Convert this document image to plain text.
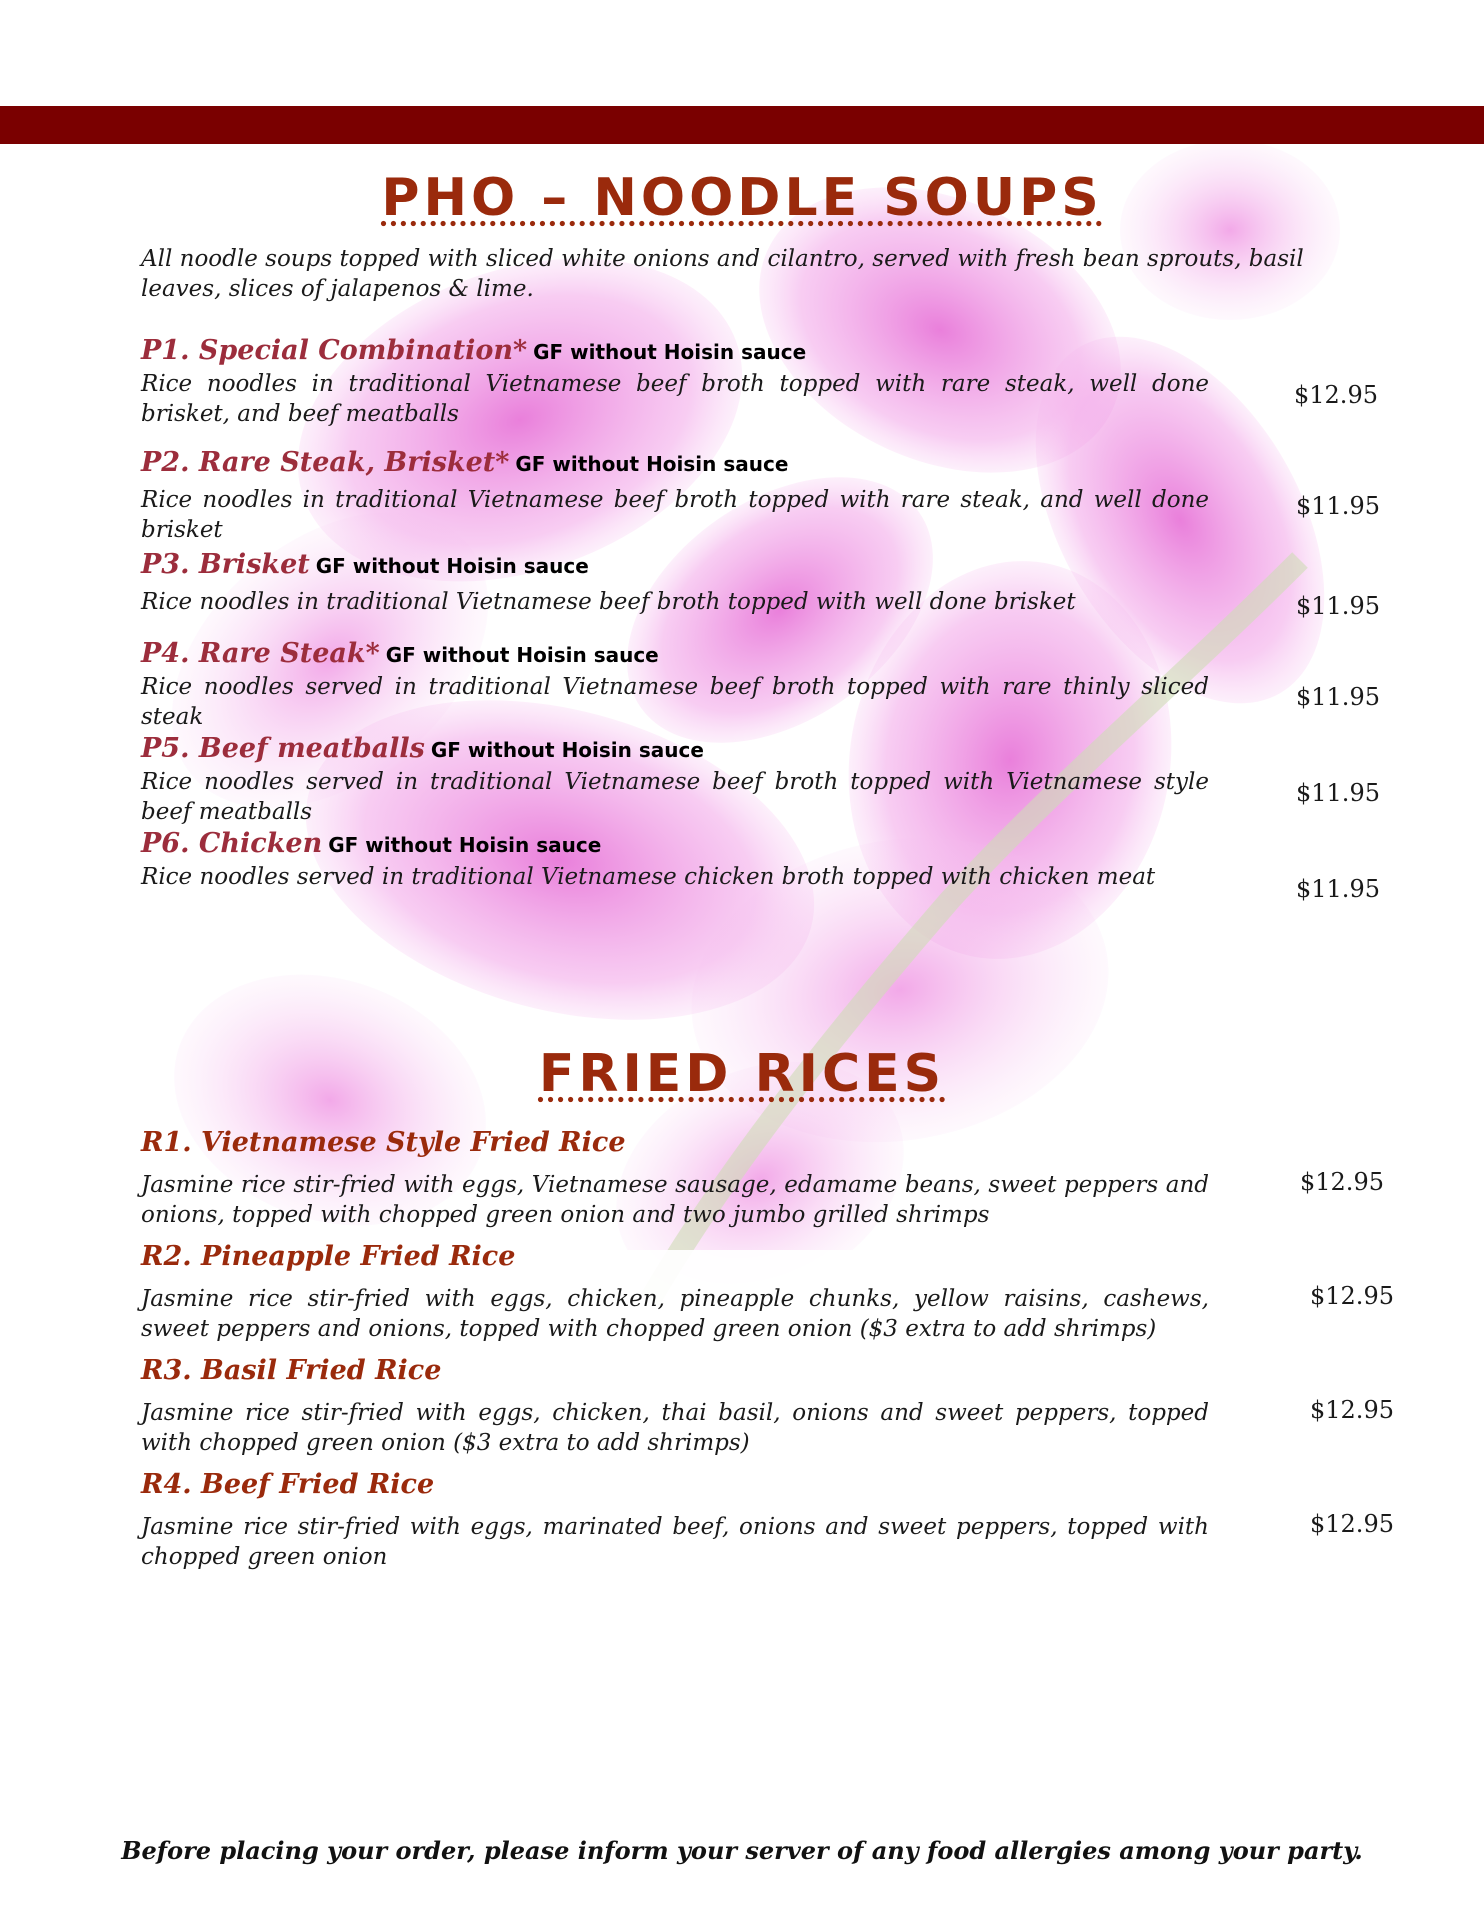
PHO – NOODLE SOUPS
All noodle soups topped with sliced white onions and cilantro, served with fresh bean sprouts, basil leaves, slices of jalapenos & lime.
P1. Special Combination* GF without Hoisin sauce
Rice noodles in traditional Vietnamese beef broth topped with rare steak, well done brisket, and beef meatballs
$12.95
P2. Rare Steak, Brisket* GF without Hoisin sauce
Rice noodles in traditional Vietnamese beef broth topped with rare steak, and well done brisket
$11.95
P3. Brisket GF without Hoisin sauce
Rice noodles in traditional Vietnamese beef broth topped with well done brisket	$11.95
P4. Rare Steak* GF without Hoisin sauce
Rice noodles served in traditional Vietnamese beef broth topped with rare thinly sliced steak
$11.95
P5. Beef meatballs GF without Hoisin sauce
Rice noodles served in traditional Vietnamese beef broth topped with Vietnamese style beef meatballs
$11.95
P6. Chicken GF without Hoisin sauce
Rice noodles served in traditional Vietnamese chicken broth topped with chicken meat	$11.95
FRIED RICES
R1. Vietnamese Style Fried Rice
Jasmine rice stir-fried with eggs, Vietnamese sausage, edamame beans, sweet peppers and onions, topped with chopped green onion and two jumbo grilled shrimps
$12.95
R2. Pineapple Fried Rice
Jasmine rice stir-fried with eggs, chicken, pineapple chunks, yellow raisins, cashews, sweet peppers and onions, topped with chopped green onion ($3 extra to add shrimps)
$12.95
R3. Basil Fried Rice
Jasmine rice stir-fried with eggs, chicken, thai basil, onions and sweet peppers, topped with chopped green onion ($3 extra to add shrimps)
$12.95
R4. Beef Fried Rice
Jasmine rice stir-fried with eggs, marinated beef, onions and sweet peppers, topped with chopped green onion
$12.95
Before placing your order, please inform your server of any food allergies among your party.
